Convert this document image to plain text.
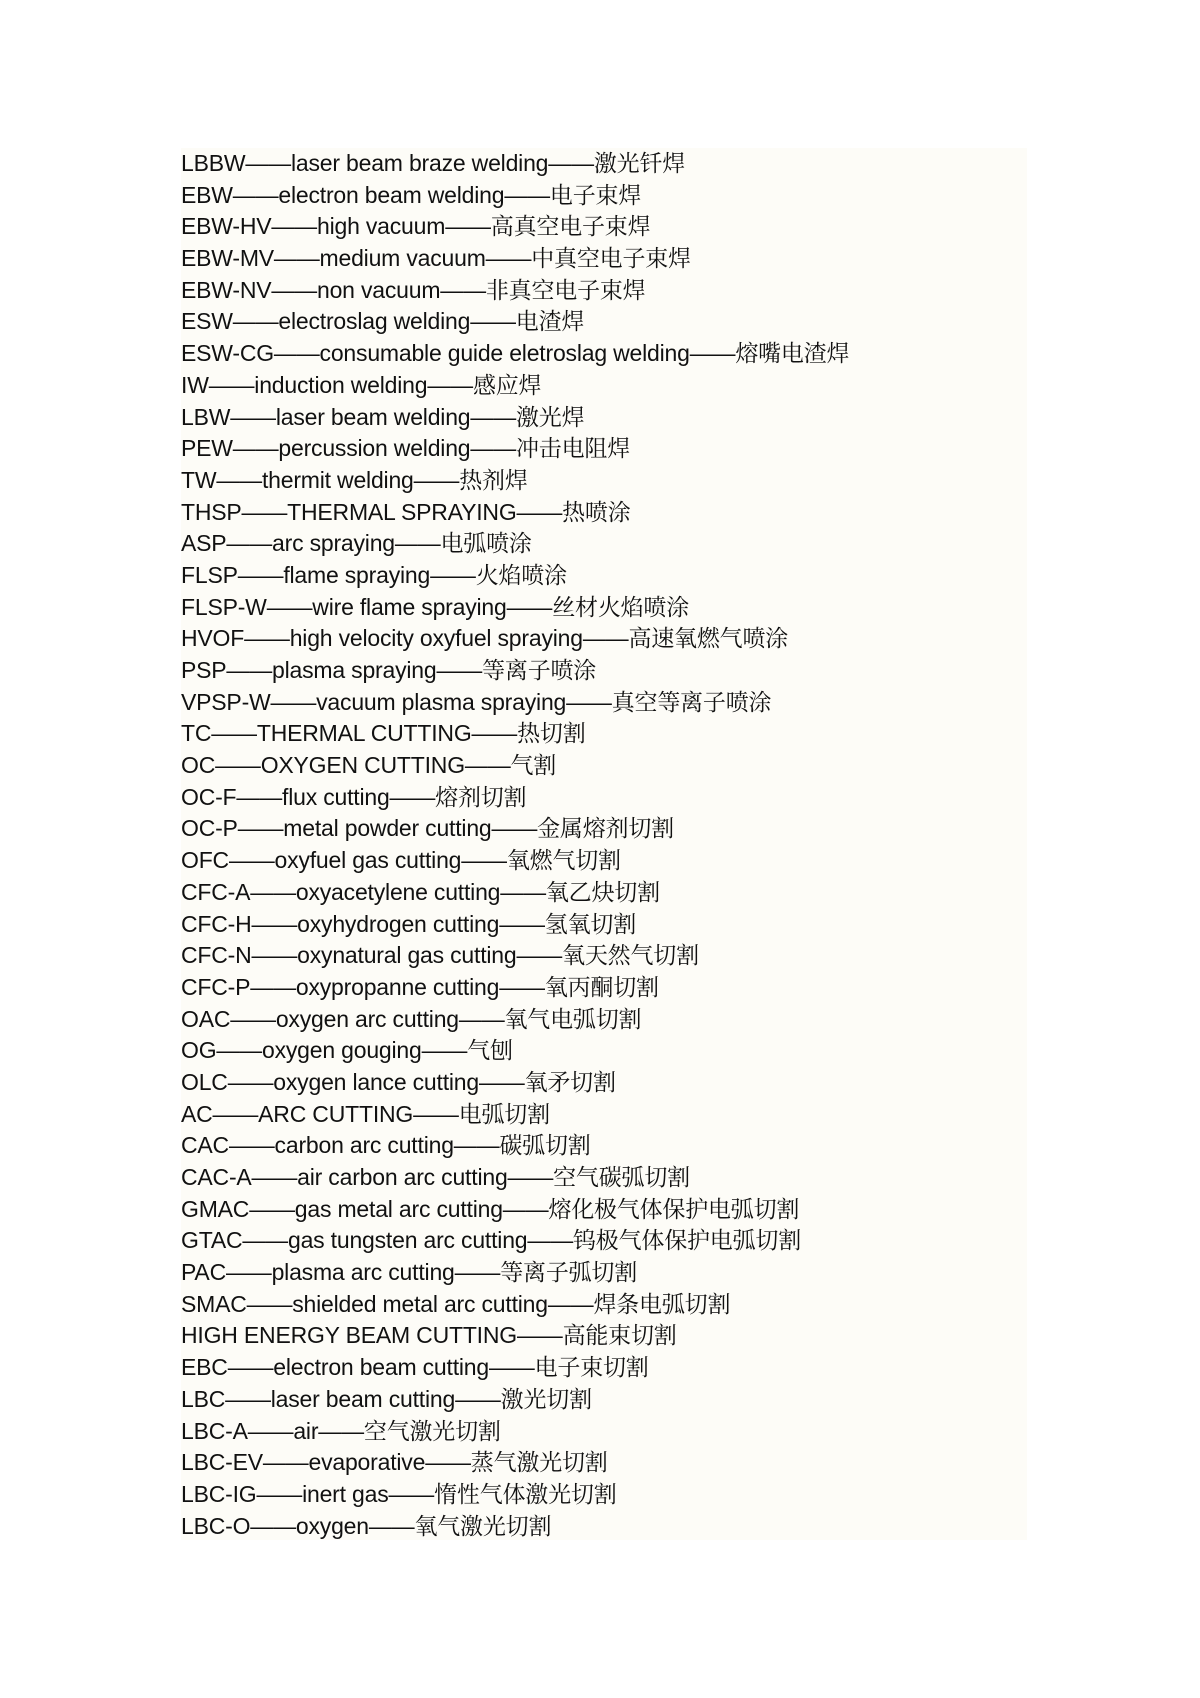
LBBW——laser beam braze welding——激光钎焊
EBW——electron beam welding——电子束焊
EBW-HV——high vacuum——高真空电子束焊
EBW-MV——medium vacuum——中真空电子束焊
EBW-NV——non vacuum——非真空电子束焊
ESW——electroslag welding——电渣焊
ESW-CG——consumable guide eletroslag welding——熔嘴电渣焊
IW——induction welding——感应焊
LBW——laser beam welding——激光焊
PEW——percussion welding——冲击电阻焊
TW——thermit welding——热剂焊
THSP——THERMAL SPRAYING——热喷涂
ASP——arc spraying——电弧喷涂
FLSP——flame spraying——火焰喷涂
FLSP-W——wire flame spraying——丝材火焰喷涂
HVOF——high velocity oxyfuel spraying——高速氧燃气喷涂
PSP——plasma spraying——等离子喷涂
VPSP-W——vacuum plasma spraying——真空等离子喷涂
TC——THERMAL CUTTING——热切割
OC——OXYGEN CUTTING——气割
OC-F——flux cutting——熔剂切割
OC-P——metal powder cutting——金属熔剂切割
OFC——oxyfuel gas cutting——氧燃气切割
CFC-A——oxyacetylene cutting——氧乙炔切割
CFC-H——oxyhydrogen cutting——氢氧切割
CFC-N——oxynatural gas cutting——氧天然气切割
CFC-P——oxypropanne cutting——氧丙酮切割
OAC——oxygen arc cutting——氧气电弧切割
OG——oxygen gouging——气刨
OLC——oxygen lance cutting——氧矛切割
AC——ARC CUTTING——电弧切割
CAC——carbon arc cutting——碳弧切割
CAC-A——air carbon arc cutting——空气碳弧切割
GMAC——gas metal arc cutting——熔化极气体保护电弧切割
GTAC——gas tungsten arc cutting——钨极气体保护电弧切割
PAC——plasma arc cutting——等离子弧切割
SMAC——shielded metal arc cutting——焊条电弧切割
HIGH ENERGY BEAM CUTTING——高能束切割
EBC——electron beam cutting——电子束切割
LBC——laser beam cutting——激光切割
LBC-A——air——空气激光切割
LBC-EV——evaporative——蒸气激光切割
LBC-IG——inert gas——惰性气体激光切割
LBC-O——oxygen——氧气激光切割
